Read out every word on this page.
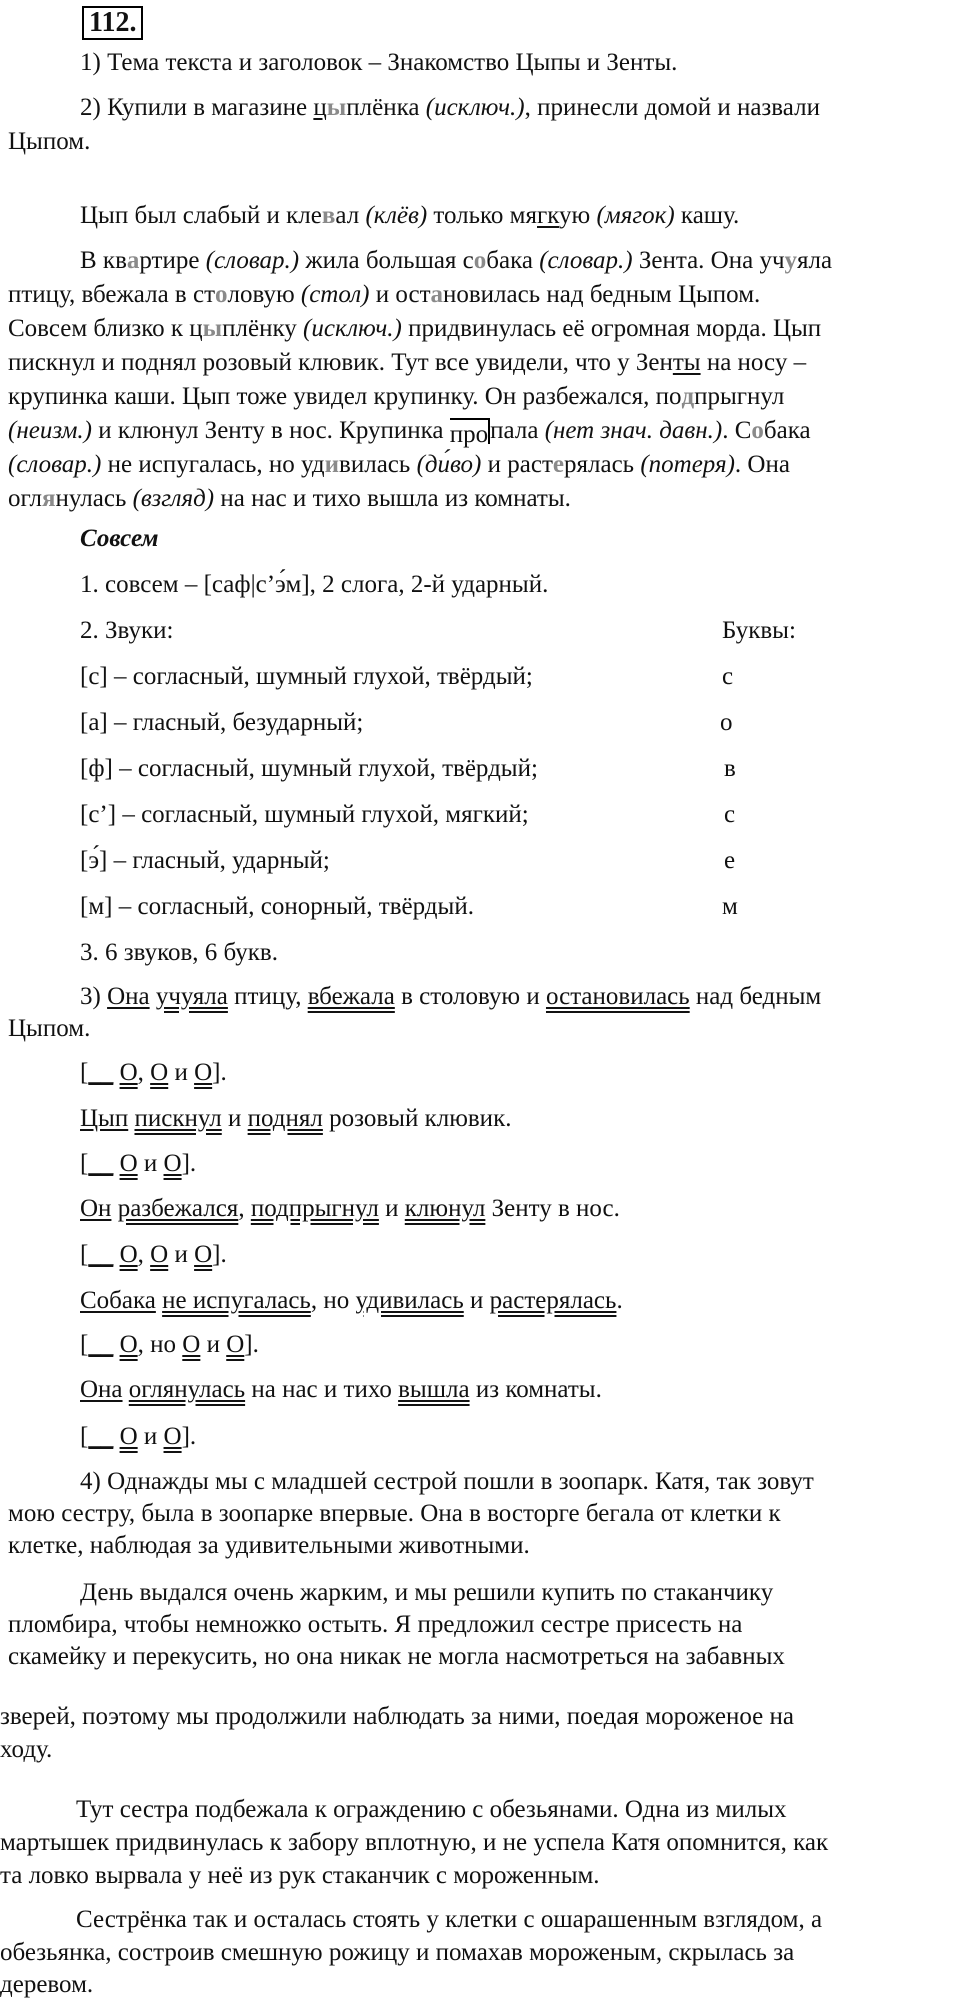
112.
1) Тема текста и заголовок – Знакомство Цыпы и Зенты.
2) Купили в магазине цыплёнка (исключ.), принесли домой и назвали
Цыпом.
Цып был слабый и клевал (клёв) только мягкую (мягок) кашу.
В квартире (словар.) жила большая собака (словар.) Зента. Она учуяла
птицу, вбежала в столовую (стол) и остановилась над бедным Цыпом.
Совсем близко к цыплёнку (исключ.) придвинулась её огромная морда. Цып
пискнул и поднял розовый клювик. Тут все увидели, что у Зенты на носу –
крупинка каши. Цып тоже увидел крупинку. Он разбежался, подпрыгнул
(неизм.) и клюнул Зенту в нос. Крупинка пропала (нет знач. давн.). Собака
(словар.) не испугалась, но удивилась (ди́во) и растерялась (потеря). Она
оглянулась (взгляд) на нас и тихо вышла из комнаты.
Совсем
1. совсем – [саф|с’э́м], 2 слога, 2-й ударный.
2. Звуки:	Буквы:
[с] – согласный, шумный глухой, твёрдый;	с
[а] – гласный, безударный;	о
[ф] – согласный, шумный глухой, твёрдый;	в
[с’] – согласный, шумный глухой, мягкий;	с
[э́] – гласный, ударный;	е
[м] – согласный, сонорный, твёрдый.	м
3. 6 звуков, 6 букв.
3) Она учуяла птицу, вбежала в столовую и остановилась над бедным
Цыпом.
[__ О, О и О].
Цып пискнул и поднял розовый клювик.
[__ О и О].
Он разбежался, подпрыгнул и клюнул Зенту в нос.
[__ О, О и О].
Собака не испугалась, но удивилась и растерялась.
[__ О, но О и О].
Она оглянулась на нас и тихо вышла из комнаты.
[__ О и О].
4) Однажды мы с младшей сестрой пошли в зоопарк. Катя, так зовут
мою сестру, была в зоопарке впервые. Она в восторге бегала от клетки к
клетке, наблюдая за удивительными животными.
День выдался очень жарким, и мы решили купить по стаканчику
пломбира, чтобы немножко остыть. Я предложил сестре присесть на
скамейку и перекусить, но она никак не могла насмотреться на забавных
зверей, поэтому мы продолжили наблюдать за ними, поедая мороженое на
ходу.
Тут сестра подбежала к ограждению с обезьянами. Одна из милых
мартышек придвинулась к забору вплотную, и не успела Катя опомнится, как
та ловко вырвала у неё из рук стаканчик с мороженным.
Сестрёнка так и осталась стоять у клетки с ошарашенным взглядом, а
обезьянка, состроив смешную рожицу и помахав мороженым, скрылась за
деревом.
